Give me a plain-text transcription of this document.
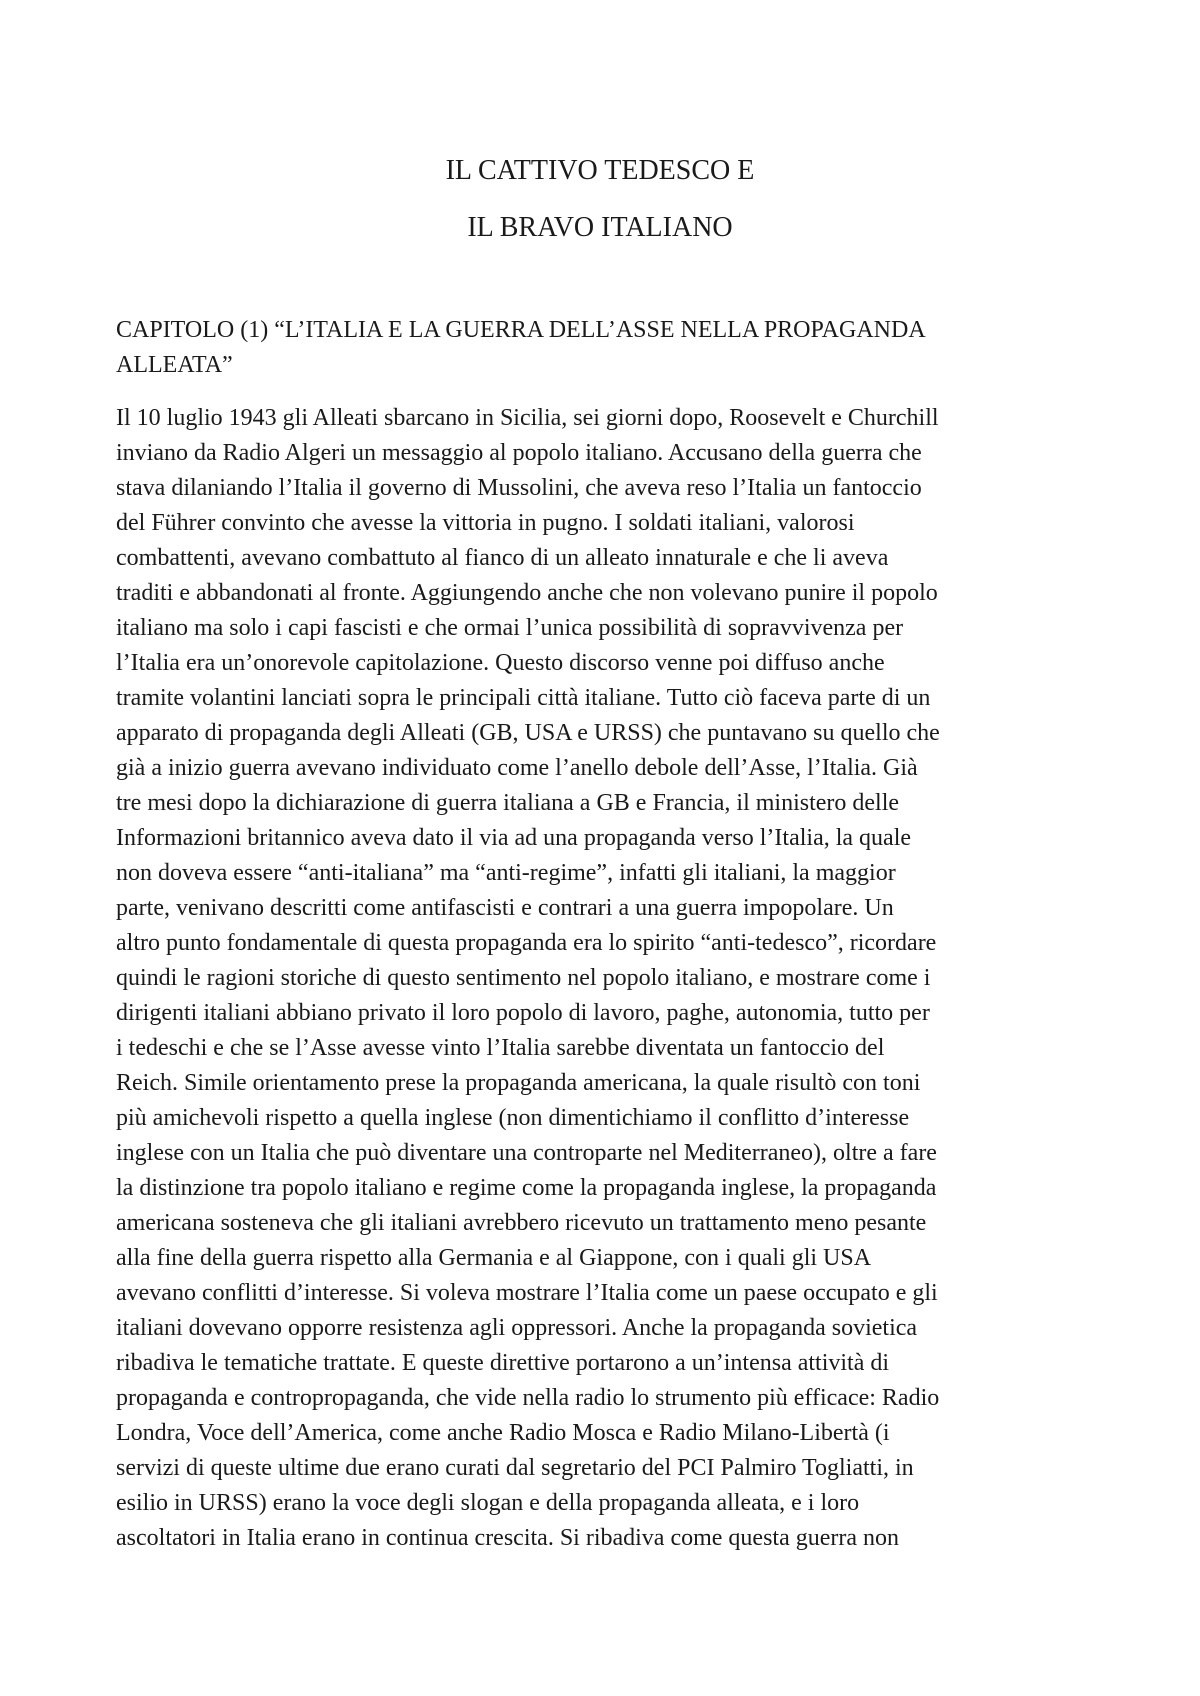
IL CATTIVO TEDESCO E
IL BRAVO ITALIANO
CAPITOLO (1) “L’ITALIA E LA GUERRA DELL’ASSE NELLA PROPAGANDA
ALLEATA”
Il 10 luglio 1943 gli Alleati sbarcano in Sicilia, sei giorni dopo, Roosevelt e Churchill
inviano da Radio Algeri un messaggio al popolo italiano. Accusano della guerra che
stava dilaniando l’Italia il governo di Mussolini, che aveva reso l’Italia un fantoccio
del Führer convinto che avesse la vittoria in pugno. I soldati italiani, valorosi
combattenti, avevano combattuto al fianco di un alleato innaturale e che li aveva
traditi e abbandonati al fronte. Aggiungendo anche che non volevano punire il popolo
italiano ma solo i capi fascisti e che ormai l’unica possibilità di sopravvivenza per
l’Italia era un’onorevole capitolazione. Questo discorso venne poi diffuso anche
tramite volantini lanciati sopra le principali città italiane. Tutto ciò faceva parte di un
apparato di propaganda degli Alleati (GB, USA e URSS) che puntavano su quello che
già a inizio guerra avevano individuato come l’anello debole dell’Asse, l’Italia. Già
tre mesi dopo la dichiarazione di guerra italiana a GB e Francia, il ministero delle
Informazioni britannico aveva dato il via ad una propaganda verso l’Italia, la quale
non doveva essere “anti-italiana” ma “anti-regime”, infatti gli italiani, la maggior
parte, venivano descritti come antifascisti e contrari a una guerra impopolare. Un
altro punto fondamentale di questa propaganda era lo spirito “anti-tedesco”, ricordare
quindi le ragioni storiche di questo sentimento nel popolo italiano, e mostrare come i
dirigenti italiani abbiano privato il loro popolo di lavoro, paghe, autonomia, tutto per
i tedeschi e che se l’Asse avesse vinto l’Italia sarebbe diventata un fantoccio del
Reich. Simile orientamento prese la propaganda americana, la quale risultò con toni
più amichevoli rispetto a quella inglese (non dimentichiamo il conflitto d’interesse
inglese con un Italia che può diventare una controparte nel Mediterraneo), oltre a fare
la distinzione tra popolo italiano e regime come la propaganda inglese, la propaganda
americana sosteneva che gli italiani avrebbero ricevuto un trattamento meno pesante
alla fine della guerra rispetto alla Germania e al Giappone, con i quali gli USA
avevano conflitti d’interesse. Si voleva mostrare l’Italia come un paese occupato e gli
italiani dovevano opporre resistenza agli oppressori. Anche la propaganda sovietica
ribadiva le tematiche trattate. E queste direttive portarono a un’intensa attività di
propaganda e contropropaganda, che vide nella radio lo strumento più efficace: Radio
Londra, Voce dell’America, come anche Radio Mosca e Radio Milano-Libertà (i
servizi di queste ultime due erano curati dal segretario del PCI Palmiro Togliatti, in
esilio in URSS) erano la voce degli slogan e della propaganda alleata, e i loro
ascoltatori in Italia erano in continua crescita. Si ribadiva come questa guerra non
